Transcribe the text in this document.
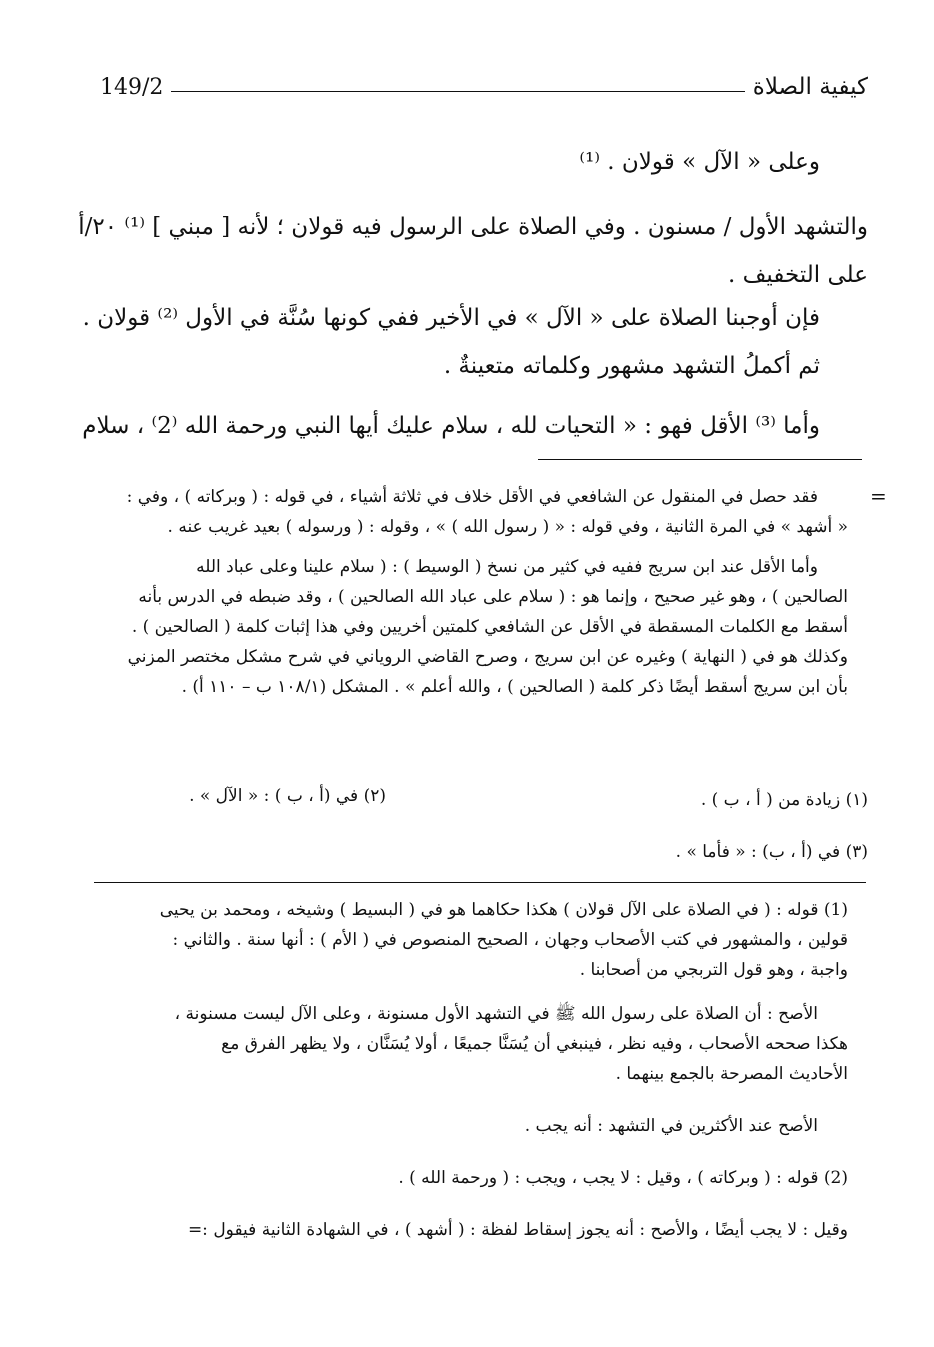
149/2	كيفية الصلاة
وعلى « الآل » قولان . ⁽¹⁾
والتشهد الأول / مسنون . وفي الصلاة على الرسول فيه قولان ؛ لأنه [ مبني ] ⁽¹⁾ ٢٠/أ
على التخفيف .
فإن أوجبنا الصلاة على « الآل » في الأخير ففي كونها سُنَّة في الأول ⁽²⁾ قولان .
ثم أكملُ التشهد مشهور وكلماته متعينةٌ .
وأما ⁽³⁾ الأقل فهو : « التحيات لله ، سلام عليك أيها النبي ورحمة الله ⁽2⁾ ، سلام
=
فقد حصل في المنقول عن الشافعي في الأقل خلاف في ثلاثة أشياء ، في قوله : ( وبركاته ) ، وفي :
« أشهد » في المرة الثانية ، وفي قوله : « ( رسول الله ) » ، وقوله : ( ورسوله ) بعيد غريب عنه .
وأما الأقل عند ابن سريج ففيه في كثير من نسخ ( الوسيط ) : ( سلام علينا وعلى عباد الله
الصالحين ) ، وهو غير صحيح ، وإنما هو : ( سلام على عباد الله الصالحين ) ، وقد ضبطه في الدرس بأنه
أسقط مع الكلمات المسقطة في الأقل عن الشافعي كلمتين أخريين وفي هذا إثبات كلمة ( الصالحين ) .
وكذلك هو في ( النهاية ) وغيره عن ابن سريج ، وصرح القاضي الروياني في شرح مشكل مختصر المزني
بأن ابن سريج أسقط أيضًا ذكر كلمة ( الصالحين ) ، والله أعلم » . المشكل (١٠٨/١ ب – ١١٠ أ) .
(١) زيادة من ( أ ، ب ) .
(٢) في (أ ، ب ) : « الآل » .
(٣) في (أ ، ب) : « فأما » .
(1) قوله : ( في الصلاة على الآل قولان ) هكذا حكاهما هو في ( البسيط ) وشيخه ، ومحمد بن يحيى
قولين ، والمشهور في كتب الأصحاب وجهان ، الصحيح المنصوص في ( الأم ) : أنها سنة . والثاني :
واجبة ، وهو قول التربجي من أصحابنا .
الأصح : أن الصلاة على رسول الله ﷺ في التشهد الأول مسنونة ، وعلى الآل ليست مسنونة ،
هكذا صححه الأصحاب ، وفيه نظر ، فينبغي أن يُسَنَّا جميعًا ، أولا يُسَنَّان ، ولا يظهر الفرق مع
الأحاديث المصرحة بالجمع بينهما .
الأصح عند الأكثرين في التشهد : أنه يجب .
(2) قوله : ( وبركاته ) ، وقيل : لا يجب ، ويجب : ( ورحمة الله ) .
وقيل : لا يجب أيضًا ، والأصح : أنه يجوز إسقاط لفظة : ( أشهد ) ، في الشهادة الثانية فيقول :=
